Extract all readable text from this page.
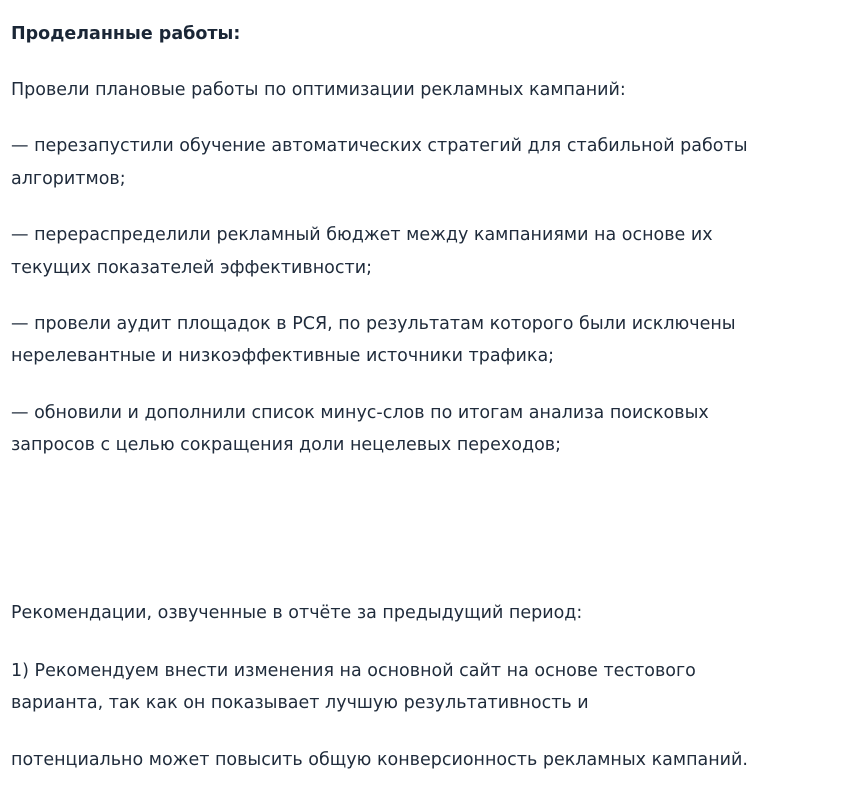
Проделанные работы:
Провели плановые работы по оптимизации рекламных кампаний:
— перезапустили обучение автоматических стратегий для стабильной работы
алгоритмов;
— перераспределили рекламный бюджет между кампаниями на основе их
текущих показателей эффективности;
— провели аудит площадок в РСЯ, по результатам которого были исключены
нерелевантные и низкоэффективные источники трафика;
— обновили и дополнили список минус-слов по итогам анализа поисковых
запросов с целью сокращения доли нецелевых переходов;
Рекомендации, озвученные в отчёте за предыдущий период:
1) Рекомендуем внести изменения на основной сайт на основе тестового
варианта, так как он показывает лучшую результативность и
потенциально может повысить общую конверсионность рекламных кампаний.
